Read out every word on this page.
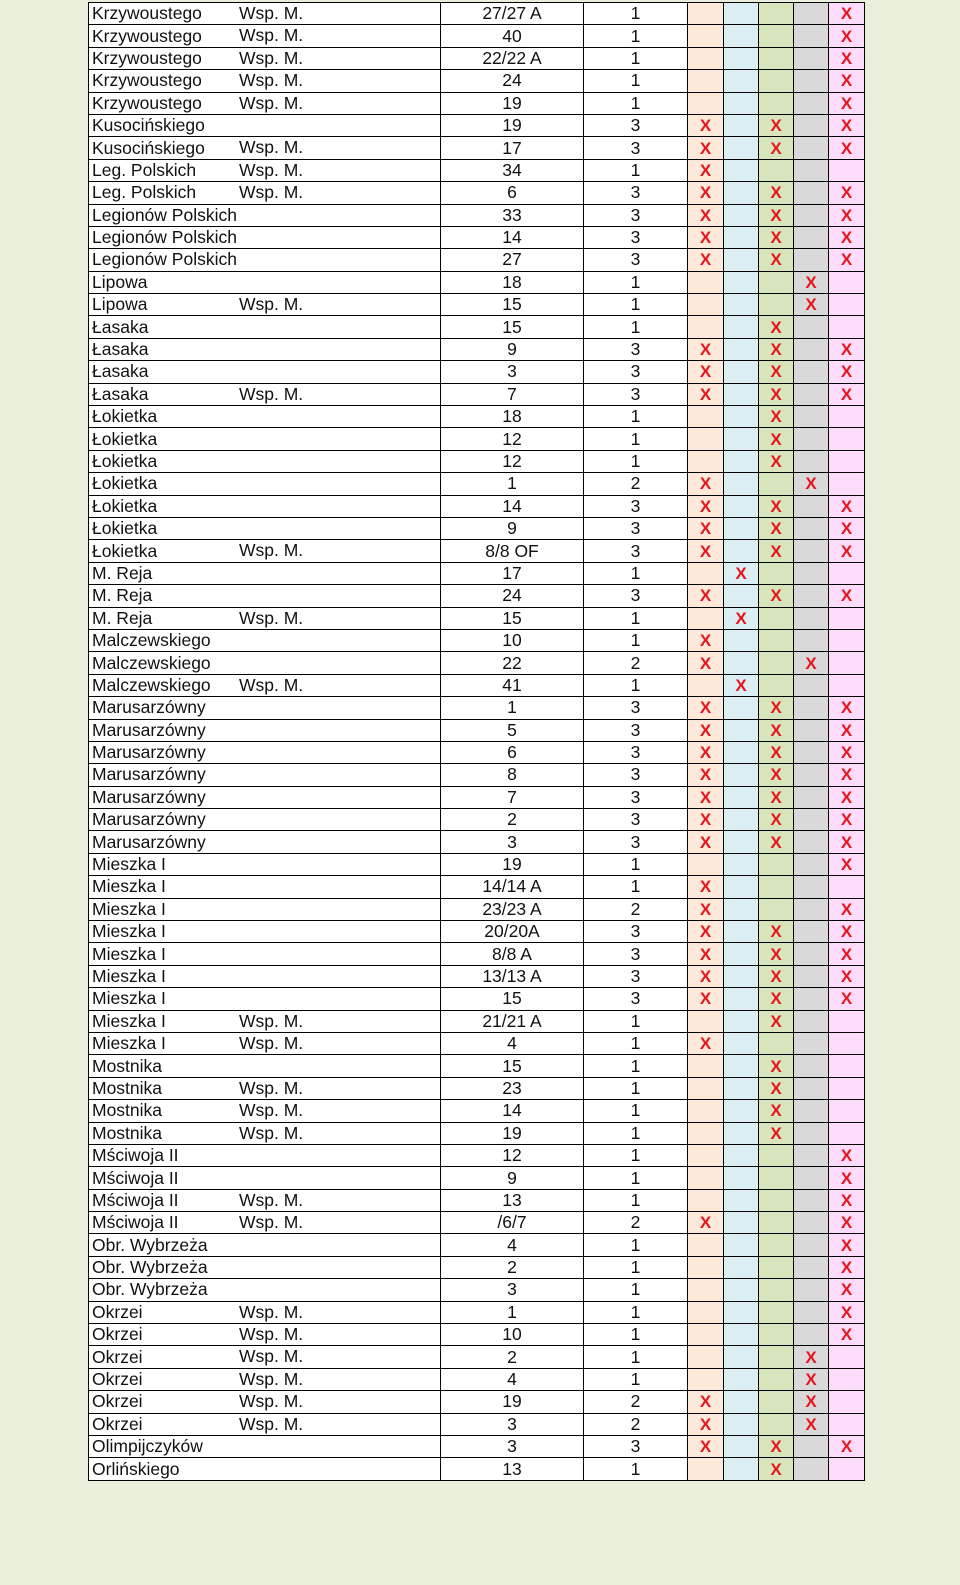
Krzywoustego Wsp. M.	27/27 A	1					X
Krzywoustego Wsp. M.	40	1					X
Krzywoustego Wsp. M.	22/22 A	1					X
Krzywoustego Wsp. M.	24	1					X
Krzywoustego Wsp. M.	19	1					X
Kusocińskiego	19	3	X		X		X
Kusocińskiego Wsp. M.	17	3	X		X		X
Leg. Polskich Wsp. M.	34	1	X				
Leg. Polskich Wsp. M.	6	3	X		X		X
Legionów Polskich	33	3	X		X		X
Legionów Polskich	14	3	X		X		X
Legionów Polskich	27	3	X		X		X
Lipowa	18	1				X	
Lipowa Wsp. M.	15	1				X	
Łasaka	15	1			X		
Łasaka	9	3	X		X		X
Łasaka	3	3	X		X		X
Łasaka Wsp. M.	7	3	X		X		X
Łokietka	18	1			X		
Łokietka	12	1			X		
Łokietka	12	1			X		
Łokietka	1	2	X			X	
Łokietka	14	3	X		X		X
Łokietka	9	3	X		X		X
Łokietka Wsp. M.	8/8 OF	3	X		X		X
M. Reja	17	1		X			
M. Reja	24	3	X		X		X
M. Reja Wsp. M.	15	1		X			
Malczewskiego	10	1	X				
Malczewskiego	22	2	X			X	
Malczewskiego Wsp. M.	41	1		X			
Marusarzówny	1	3	X		X		X
Marusarzówny	5	3	X		X		X
Marusarzówny	6	3	X		X		X
Marusarzówny	8	3	X		X		X
Marusarzówny	7	3	X		X		X
Marusarzówny	2	3	X		X		X
Marusarzówny	3	3	X		X		X
Mieszka I	19	1					X
Mieszka I	14/14 A	1	X				
Mieszka I	23/23 A	2	X				X
Mieszka I	20/20A	3	X		X		X
Mieszka I	8/8 A	3	X		X		X
Mieszka I	13/13 A	3	X		X		X
Mieszka I	15	3	X		X		X
Mieszka I Wsp. M.	21/21 A	1			X		
Mieszka I Wsp. M.	4	1	X				
Mostnika	15	1			X		
Mostnika Wsp. M.	23	1			X		
Mostnika Wsp. M.	14	1			X		
Mostnika Wsp. M.	19	1			X		
Mściwoja II	12	1					X
Mściwoja II	9	1					X
Mściwoja II Wsp. M.	13	1					X
Mściwoja II Wsp. M.	/6/7	2	X				X
Obr. Wybrzeża	4	1					X
Obr. Wybrzeża	2	1					X
Obr. Wybrzeża	3	1					X
Okrzei Wsp. M.	1	1					X
Okrzei Wsp. M.	10	1					X
Okrzei Wsp. M.	2	1				X	
Okrzei Wsp. M.	4	1				X	
Okrzei Wsp. M.	19	2	X			X	
Okrzei Wsp. M.	3	2	X			X	
Olimpijczyków	3	3	X		X		X
Orlińskiego	13	1			X		
